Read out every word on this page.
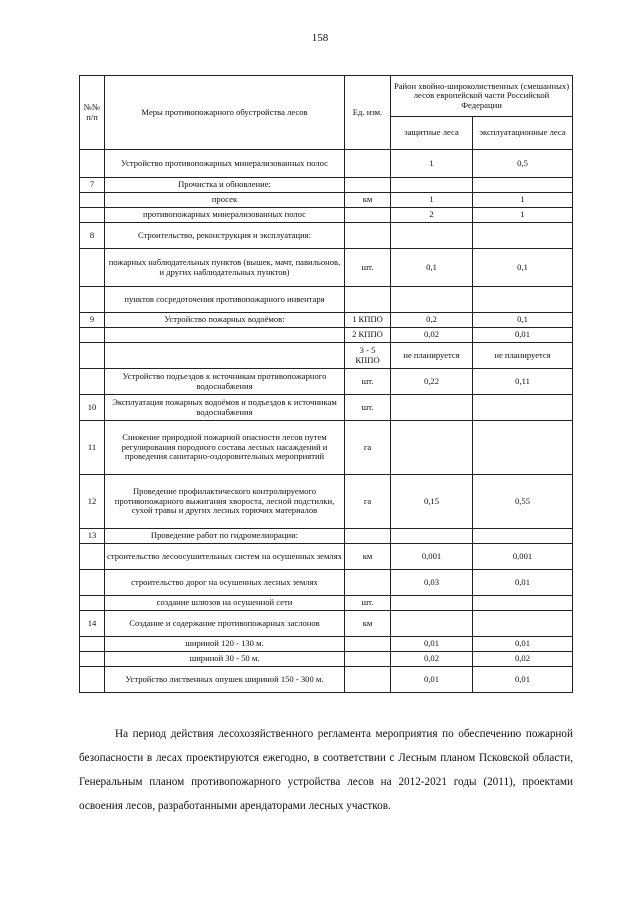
158
№№ п/п	Меры противопожарного обустройства лесов	Ед. изм.	Район хвойно-широколиственных (смешанных) лесов европейской части Российской Федерации	
			защитные леса	эксплуатационные леса
	Устройство противопожарных минерализованных полос		1	0,5
7	Прочистка и обновление:			
	просек	км	1	1
	противопожарных минерализованных полос		2	1
8	Строительство, реконструкция и эксплуатация:			
	пожарных наблюдательных пунктов (вышек, мачт, павильонов, и других наблюдательных пунктов)	шт.	0,1	0,1
	пунктов сосредоточения противопожарного инвентаря			
9	Устройство пожарных водоёмов:	1 КППО	0,2	0,1
		2 КППО	0,02	0,01
		3 - 5 КППО	не планируется	не планируется
	Устройство подъездов к источникам противопожарного водоснабжения	шт.	0,22	0,11
10	Эксплуатация пожарных водоёмов и подъездов к источникам водоснабжения	шт.		
11	Снижение природной пожарной опасности лесов путем регулирования породного состава лесных насаждений и проведения санитарно-оздоровительных мероприятий	га		
12	Проведение профилактического контролируемого противопожарного выжигания хвороста, лесной подстилки, сухой травы и других лесных горючих материалов	га	0,15	0,55
13	Проведение работ по гидромелиорации:			
	строительство лесоосушительных систем на осушенных землях	км	0,001	0,001
	строительство дорог на осушенных лесных землях		0,03	0,01
	создание шлюзов на осушенной сети	шт.		
14	Создание и содержание противопожарных заслонов	км		
	шириной 120 - 130 м.		0,01	0,01
	шириной 30 - 50 м.		0,02	0,02
	Устройство лиственных опушек шириной 150 - 300 м.		0,01	0,01

На период действия лесохозяйственного регламента мероприятия по обеспечению пожарной безопасности в лесах проектируются ежегодно, в соответствии с Лесным планом Псковской области, Генеральным планом противопожарного устройства лесов на 2012-2021 годы (2011), проектами освоения лесов, разработанными арендаторами лесных участков.
